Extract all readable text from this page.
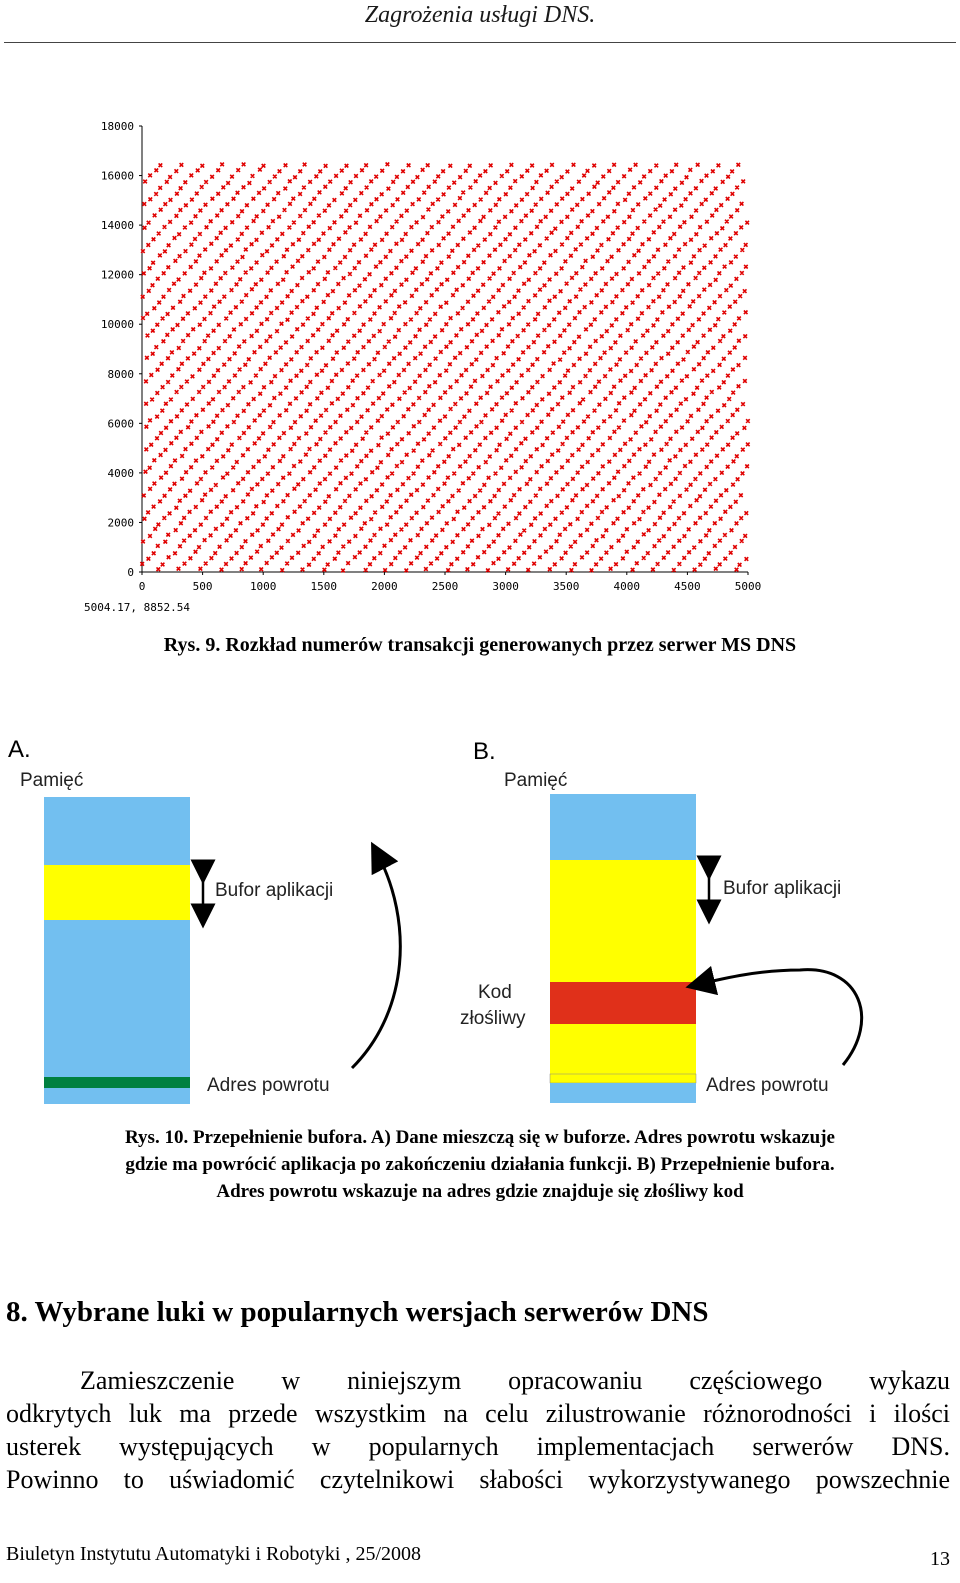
Zagrożenia usługi DNS.
0	500	1000	1500	2000	2500	3000	3500	4000	4500	5000
0
2000
4000
6000
8000
10000
12000
14000
16000
18000
5004.17, 8852.54
Rys. 9. Rozkład numerów transakcji generowanych przez serwer MS DNS
A.
Pamięć
Bufor aplikacji
Adres powrotu
B.
Pamięć
Bufor aplikacji
Kod
złośliwy
Adres powrotu
Rys. 10. Przepełnienie bufora. A) Dane mieszczą się w buforze. Adres powrotu wskazuje
gdzie ma powrócić aplikacja po zakończeniu działania funkcji. B) Przepełnienie bufora.
Adres powrotu wskazuje na adres gdzie znajduje się złośliwy kod
8. Wybrane luki w popularnych wersjach serwerów DNS
Zamieszczenie w niniejszym opracowaniu częściowego wykazu
odkrytych luk ma przede wszystkim na celu zilustrowanie różnorodności i ilości
usterek występujących w popularnych implementacjach serwerów DNS.
Powinno to uświadomić czytelnikowi słabości wykorzystywanego powszechnie
Biuletyn Instytutu Automatyki i Robotyki , 25/2008	13
